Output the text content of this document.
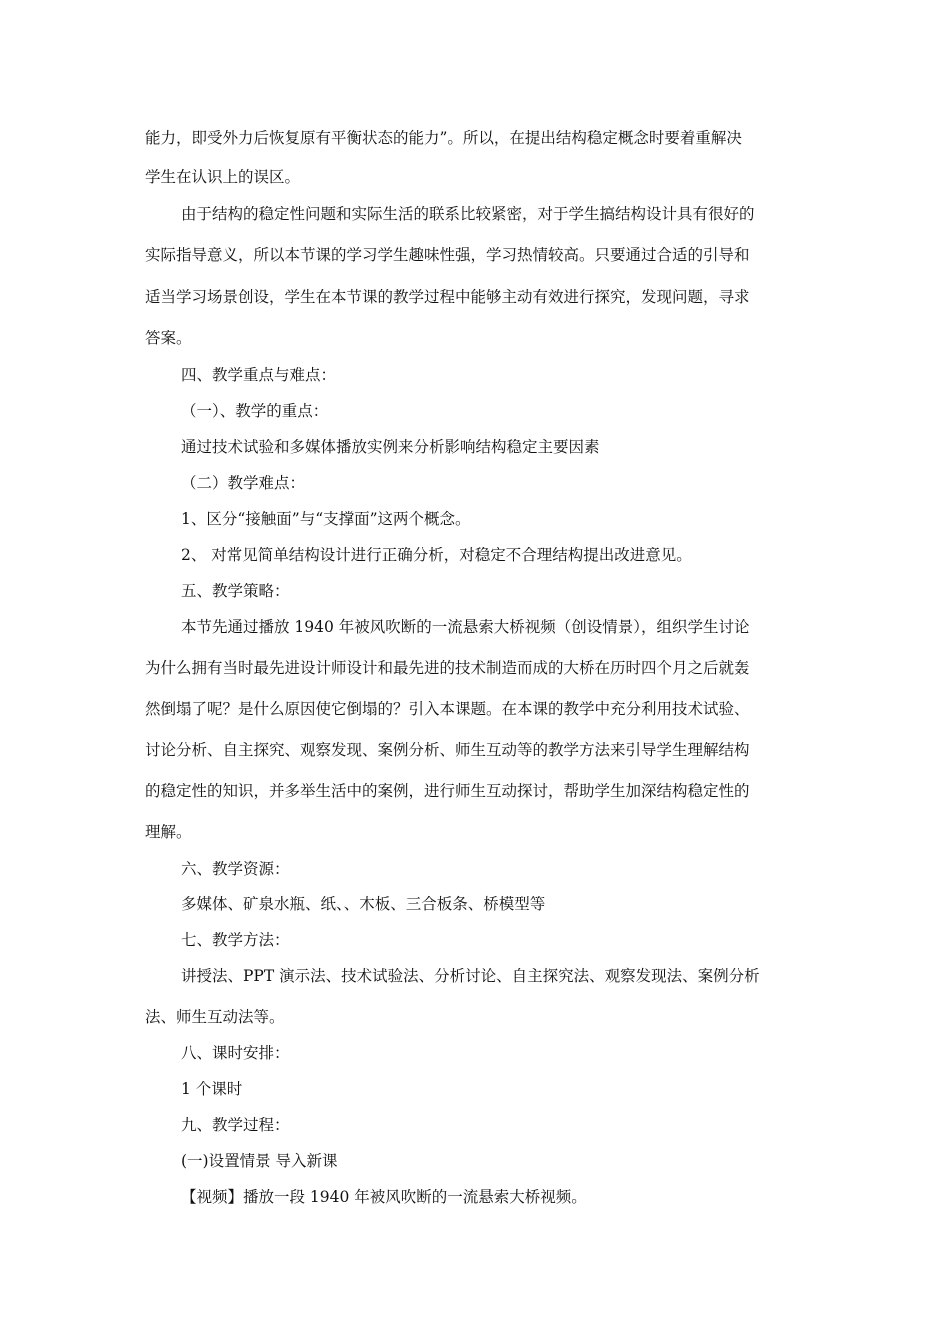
能力，即受外力后恢复原有平衡状态的能力”。所以，在提出结构稳定概念时要着重解决
学生在认识上的误区。
由于结构的稳定性问题和实际生活的联系比较紧密，对于学生搞结构设计具有很好的
实际指导意义，所以本节课的学习学生趣味性强，学习热情较高。只要通过合适的引导和
适当学习场景创设，学生在本节课的教学过程中能够主动有效进行探究，发现问题，寻求
答案。
四、教学重点与难点：
（一）、教学的重点：
通过技术试验和多媒体播放实例来分析影响结构稳定主要因素
（二）教学难点：
1、区分“接触面”与“支撑面”这两个概念。
2、 对常见简单结构设计进行正确分析，对稳定不合理结构提出改进意见。
五、教学策略：
本节先通过播放 1940 年被风吹断的一流悬索大桥视频（创设情景），组织学生讨论
为什么拥有当时最先进设计师设计和最先进的技术制造而成的大桥在历时四个月之后就轰
然倒塌了呢？是什么原因使它倒塌的？引入本课题。在本课的教学中充分利用技术试验、
讨论分析、自主探究、观察发现、案例分析、师生互动等的教学方法来引导学生理解结构
的稳定性的知识，并多举生活中的案例，进行师生互动探讨，帮助学生加深结构稳定性的
理解。
六、教学资源：
多媒体、矿泉水瓶、纸、、木板、三合板条、桥模型等
七、教学方法：
讲授法、PPT 演示法、技术试验法、分析讨论、自主探究法、观察发现法、案例分析
法、师生互动法等。
八、课时安排：
1 个课时
九、教学过程：
(一)设置情景 导入新课
【视频】播放一段 1940 年被风吹断的一流悬索大桥视频。
